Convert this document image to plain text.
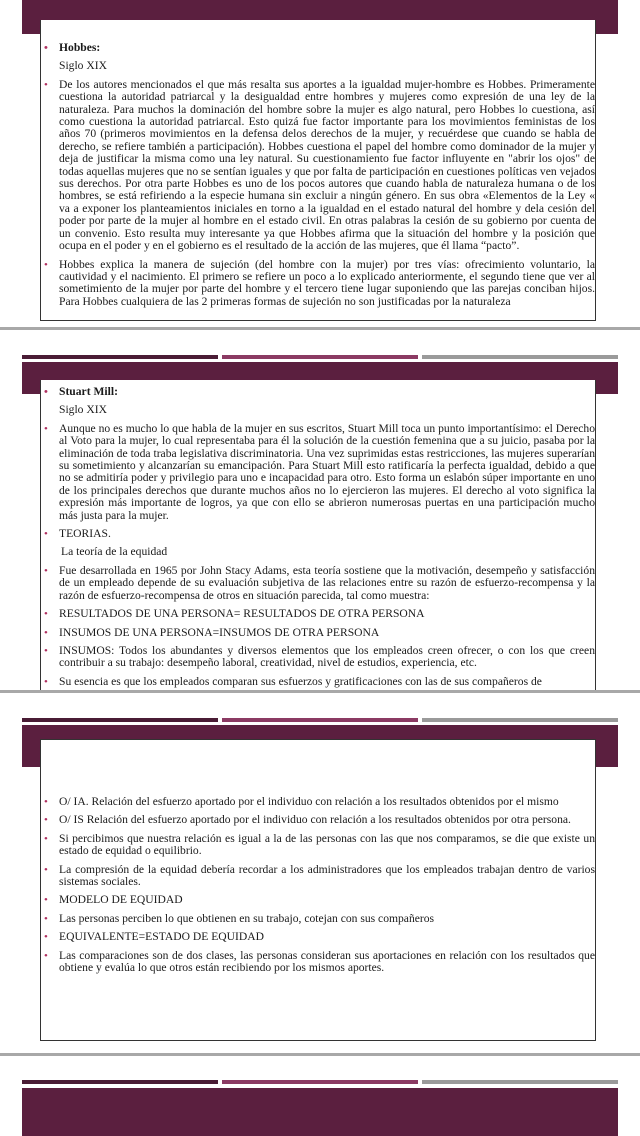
• Hobbes:

Siglo XIX

• De los autores mencionados el que más resalta sus aportes a la igualdad mujer-hombre es Hobbes. Primeramente cuestiona la autoridad patriarcal y la desigualdad entre hombres y mujeres como expresión de una ley de la naturaleza. Para muchos la dominación del hombre sobre la mujer es algo natural, pero Hobbes lo cuestiona, así como cuestiona la autoridad patriarcal. Esto quizá fue factor importante para los movimientos feministas de los años 70 (primeros movimientos en la defensa delos derechos de la mujer, y recuérdese que cuando se habla de derecho, se refiere también a participación). Hobbes cuestiona el papel del hombre como dominador de la mujer y deja de justificar la misma como una ley natural. Su cuestionamiento fue factor influyente en "abrir los ojos" de todas aquellas mujeres que no se sentían iguales y que por falta de participación en cuestiones políticas ven vejados sus derechos. Por otra parte Hobbes es uno de los pocos autores que cuando habla de naturaleza humana o de los hombres, se está refiriendo a la especie humana sin excluir a ningún género. En sus obra «Elementos de la Ley « va a exponer los planteamientos iniciales en torno a la igualdad en el estado natural del hombre y dela cesión del poder por parte de la mujer al hombre en el estado civil. En otras palabras la cesión de su gobierno por cuenta de un convenio. Esto resulta muy interesante ya que Hobbes afirma que la situación del hombre y la posición que ocupa en el poder y en el gobierno es el resultado de la acción de las mujeres, que él llama “pacto”.

• Hobbes explica la manera de sujeción (del hombre con la mujer) por tres vías: ofrecimiento voluntario, la cautividad y el nacimiento. El primero se refiere un poco a lo explicado anteriormente, el segundo tiene que ver al sometimiento de la mujer por parte del hombre y el tercero tiene lugar suponiendo que las parejas conciban hijos. Para Hobbes cualquiera de las 2 primeras formas de sujeción no son justificadas por la naturaleza

• Stuart Mill:

Siglo XIX

• Aunque no es mucho lo que habla de la mujer en sus escritos, Stuart Mill toca un punto importantísimo: el Derecho al Voto para la mujer, lo cual representaba para él la solución de la cuestión femenina que a su juicio, pasaba por la eliminación de toda traba legislativa discriminatoria. Una vez suprimidas estas restricciones, las mujeres superarían su sometimiento y alcanzarían su emancipación. Para Stuart Mill esto ratificaría la perfecta igualdad, debido a que no se admitiría poder y privilegio para uno e incapacidad para otro. Esto forma un eslabón súper importante en uno de los principales derechos que durante muchos años no lo ejercieron las mujeres. El derecho al voto significa la expresión más importante de logros, ya que con ello se abrieron numerosas puertas en una participación mucho más justa para la mujer.

• TEORIAS.

La teoría de la equidad

• Fue desarrollada en 1965 por John Stacy Adams, esta teoría sostiene que la motivación, desempeño y satisfacción de un empleado depende de su evaluación subjetiva de las relaciones entre su razón de esfuerzo-recompensa y la razón de esfuerzo-recompensa de otros en situación parecida, tal como muestra:

• RESULTADOS DE UNA PERSONA= RESULTADOS DE OTRA PERSONA

• INSUMOS DE UNA PERSONA=INSUMOS DE OTRA PERSONA

• INSUMOS: Todos los abundantes y diversos elementos que los empleados creen ofrecer, o con los que creen contribuir a su trabajo: desempeño laboral, creatividad, nivel de estudios, experiencia, etc.

• Su esencia es que los empleados comparan sus esfuerzos y gratificaciones con las de sus compañeros de

• O/ IA. Relación del esfuerzo aportado por el individuo con relación a los resultados obtenidos por el mismo

• O/ IS Relación del esfuerzo aportado por el individuo con relación a los resultados obtenidos por otra persona.

• Si percibimos que nuestra relación es igual a la de las personas con las que nos comparamos, se die que existe un estado de equidad o equilibrio.

• La compresión de la equidad debería recordar a los administradores que los empleados trabajan dentro de varios sistemas sociales.

• MODELO DE EQUIDAD

• Las personas perciben lo que obtienen en su trabajo, cotejan con sus compañeros

• EQUIVALENTE=ESTADO DE EQUIDAD

• Las comparaciones son de dos clases, las personas consideran sus aportaciones en relación con los resultados que obtiene y evalúa lo que otros están recibiendo por los mismos aportes.
